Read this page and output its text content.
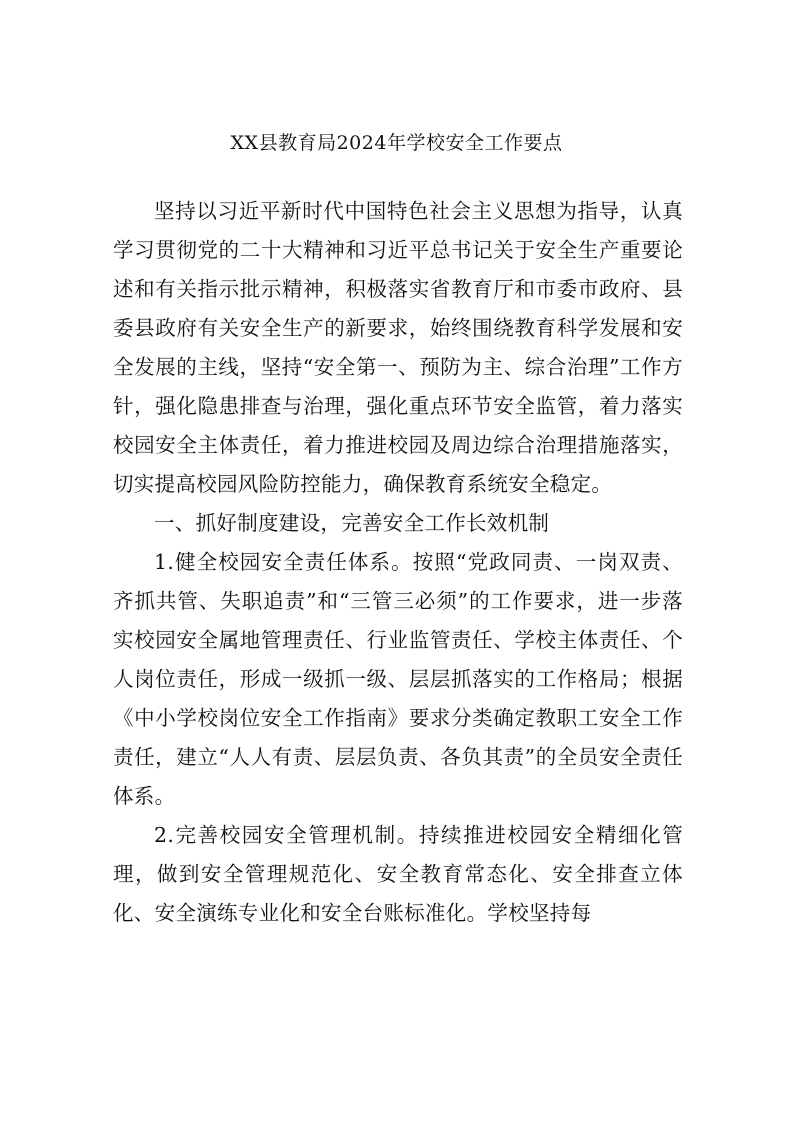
XX县教育局2024年学校安全工作要点

坚持以习近平新时代中国特色社会主义思想为指导，认真学习贯彻党的二十大精神和习近平总书记关于安全生产重要论述和有关指示批示精神，积极落实省教育厅和市委市政府、县委县政府有关安全生产的新要求，始终围绕教育科学发展和安全发展的主线，坚持“安全第一、预防为主、综合治理”工作方针，强化隐患排查与治理，强化重点环节安全监管，着力落实校园安全主体责任，着力推进校园及周边综合治理措施落实，切实提高校园风险防控能力，确保教育系统安全稳定。

一、抓好制度建设，完善安全工作长效机制

1.健全校园安全责任体系。按照“党政同责、一岗双责、齐抓共管、失职追责”和“三管三必须”的工作要求，进一步落实校园安全属地管理责任、行业监管责任、学校主体责任、个人岗位责任，形成一级抓一级、层层抓落实的工作格局；根据《中小学校岗位安全工作指南》要求分类确定教职工安全工作责任，建立“人人有责、层层负责、各负其责”的全员安全责任体系。

2.完善校园安全管理机制。持续推进校园安全精细化管理，做到安全管理规范化、安全教育常态化、安全排查立体化、安全演练专业化和安全台账标准化。学校坚持每
